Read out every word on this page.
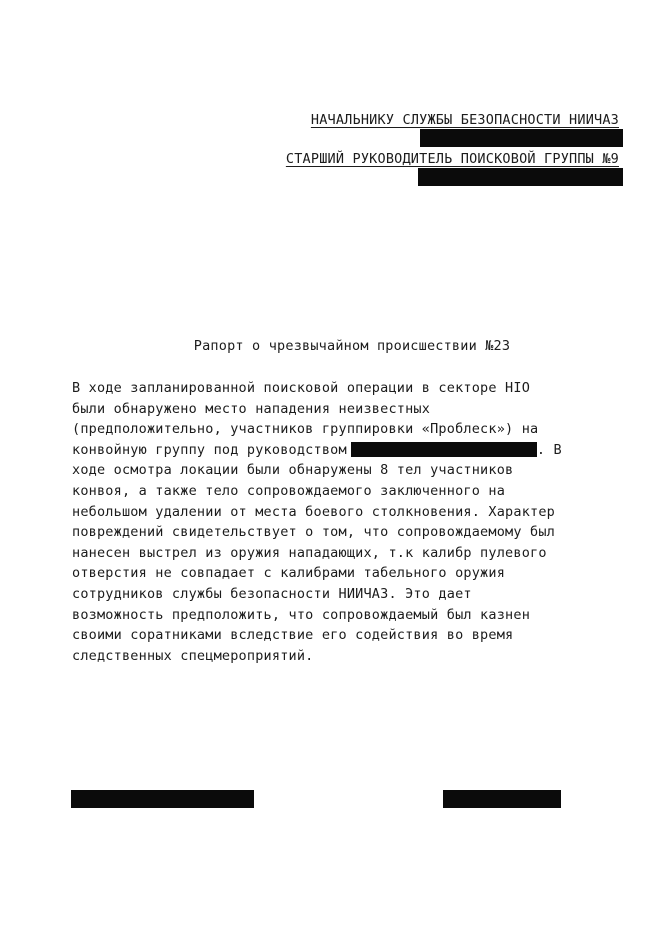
НАЧАЛЬНИКУ СЛУЖБЫ БЕЗОПАСНОСТИ НИИЧАЗ
СТАРШИЙ РУКОВОДИТЕЛЬ ПОИСКОВОЙ ГРУППЫ №9
Рапорт о чрезвычайном происшествии №23
В ходе запланированной поисковой операции в секторе НIO
были обнаружено место нападения неизвестных
(предположительно, участников группировки «Проблеск») на
конвойную группу под руководством	. В
ходе осмотра локации были обнаружены 8 тел участников
конвоя, а также тело сопровождаемого заключенного на
небольшом удалении от места боевого столкновения. Характер
повреждений свидетельствует о том, что сопровождаемому был
нанесен выстрел из оружия нападающих, т.к калибр пулевого
отверстия не совпадает с калибрами табельного оружия
сотрудников службы безопасности НИИЧАЗ. Это дает
возможность предположить, что сопровождаемый был казнен
своими соратниками вследствие его содействия во время
следственных спецмероприятий.
